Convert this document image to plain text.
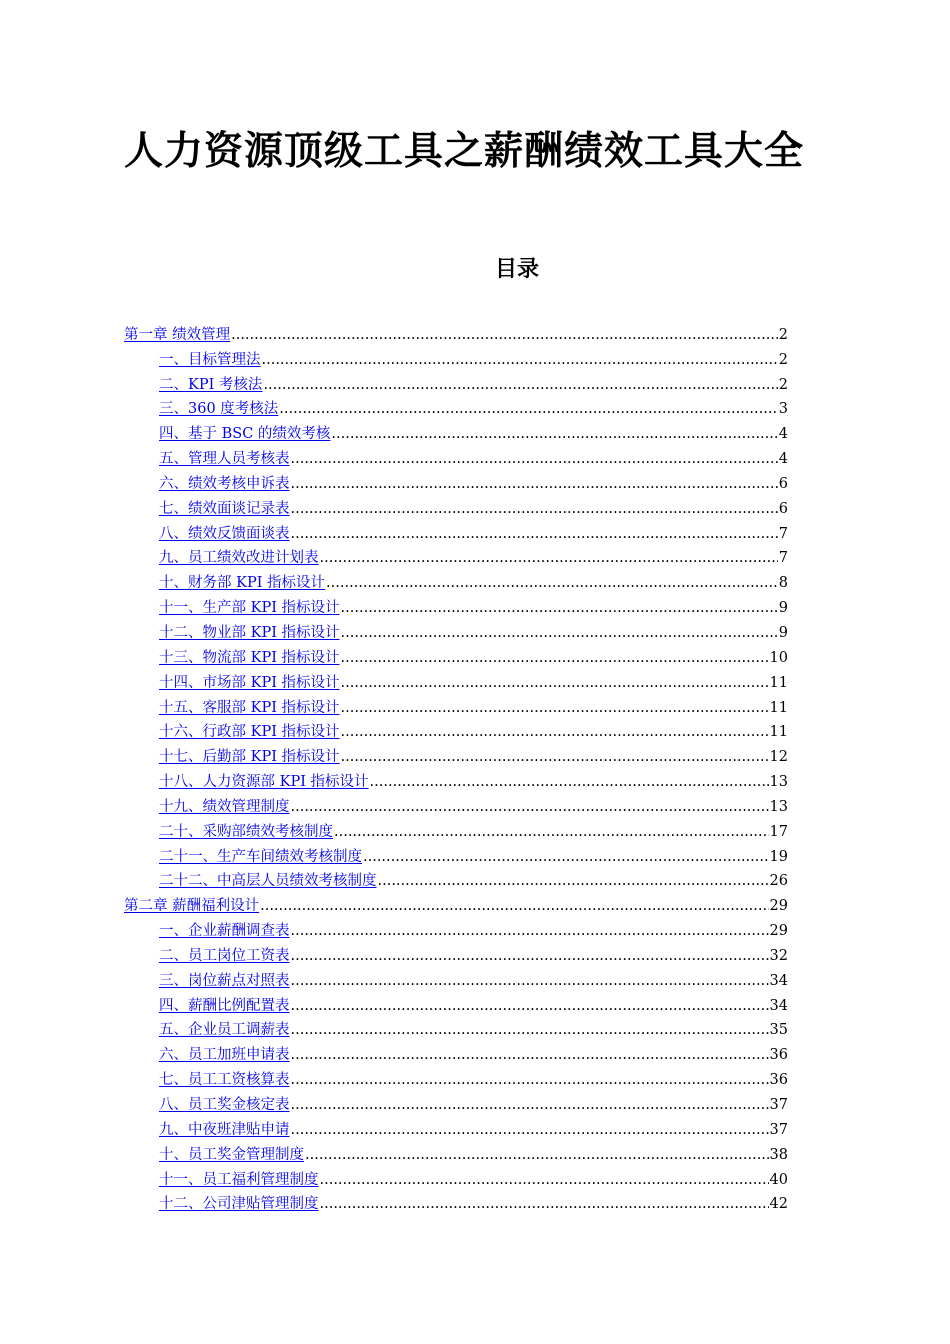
人力资源顶级工具之薪酬绩效工具大全
目录
第一章 绩效管理 .....	2
一、目标管理法 .....	2
二、KPI 考核法 .....	2
三、360 度考核法 .....	3
四、基于 BSC 的绩效考核 .....	4
五、管理人员考核表 .....	4
六、绩效考核申诉表 .....	6
七、绩效面谈记录表 .....	6
八、绩效反馈面谈表 .....	7
九、员工绩效改进计划表 .....	7
十、财务部 KPI 指标设计 .....	8
十一、生产部 KPI 指标设计 .....	9
十二、物业部 KPI 指标设计 .....	9
十三、物流部 KPI 指标设计 .....	10
十四、市场部 KPI 指标设计 .....	11
十五、客服部 KPI 指标设计 .....	11
十六、行政部 KPI 指标设计 .....	11
十七、后勤部 KPI 指标设计 .....	12
十八、人力资源部 KPI 指标设计 .....	13
十九、绩效管理制度 .....	13
二十、采购部绩效考核制度 .....	17
二十一、生产车间绩效考核制度 .....	19
二十二、中高层人员绩效考核制度 .....	26
第二章 薪酬福利设计 .....	29
一、企业薪酬调查表 .....	29
二、员工岗位工资表 .....	32
三、岗位薪点对照表 .....	34
四、薪酬比例配置表 .....	34
五、企业员工调薪表 .....	35
六、员工加班申请表 .....	36
七、员工工资核算表 .....	36
八、员工奖金核定表 .....	37
九、中夜班津贴申请 .....	37
十、员工奖金管理制度 .....	38
十一、员工福利管理制度 .....	40
十二、公司津贴管理制度 .....	42
